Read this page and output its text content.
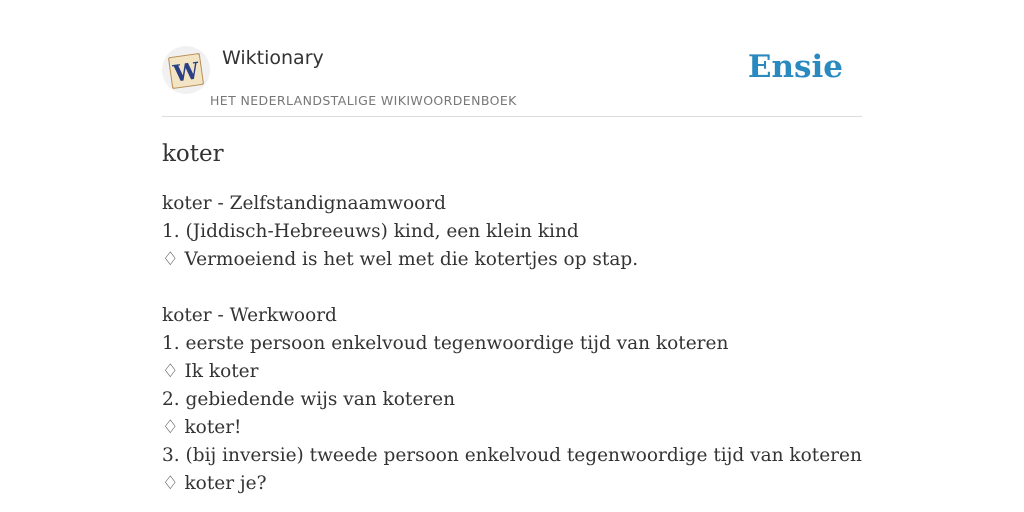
W Wiktionary
HET NEDERLANDSTALIGE WIKIWOORDENBOEK
Ensie
koter
koter - Zelfstandignaamwoord
1. (Jiddisch-Hebreeuws) kind, een klein kind
♢ Vermoeiend is het wel met die kotertjes op stap.
koter - Werkwoord
1. eerste persoon enkelvoud tegenwoordige tijd van koteren
♢ Ik koter
2. gebiedende wijs van koteren
♢ koter!
3. (bij inversie) tweede persoon enkelvoud tegenwoordige tijd van koteren
♢ koter je?
